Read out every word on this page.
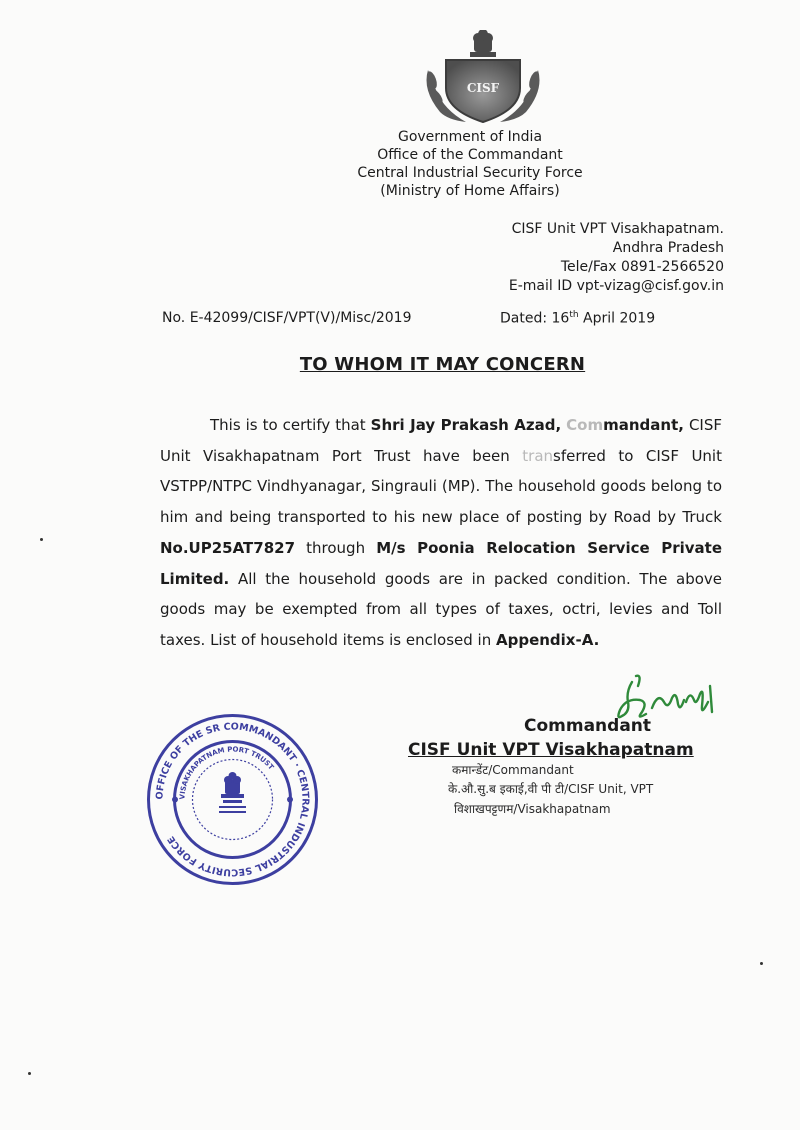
CISF
Government of India
Office of the Commandant
Central Industrial Security Force
(Ministry of Home Affairs)
CISF Unit VPT Visakhapatnam.
Andhra Pradesh
Tele/Fax 0891-2566520
E-mail ID vpt-vizag@cisf.gov.in
No. E-42099/CISF/VPT(V)/Misc/2019	Dated: 16th April 2019
TO WHOM IT MAY CONCERN

This is to certify that Shri Jay Prakash Azad, Commandant, CISF Unit Visakhapatnam Port Trust have been transferred to CISF Unit VSTPP/NTPC Vindhyanagar, Singrauli (MP). The household goods belong to him and being transported to his new place of posting by Road by Truck No.UP25AT7827 through M/s Poonia Relocation Service Private Limited. All the household goods are in packed condition. The above goods may be exempted from all types of taxes, octri, levies and Toll taxes. List of household items is enclosed in Appendix-A.

Commandant
CISF Unit VPT Visakhapatnam
कमान्डेंट/Commandant
के.औ.सु.ब इकाई,वी पी टी/CISF Unit, VPT
विशाखपट्टणम/Visakhapatnam
OFFICE OF THE SR COMMANDANT · CENTRAL INDUSTRIAL SECURITY FORCE
VISAKHAPATNAM PORT TRUST
